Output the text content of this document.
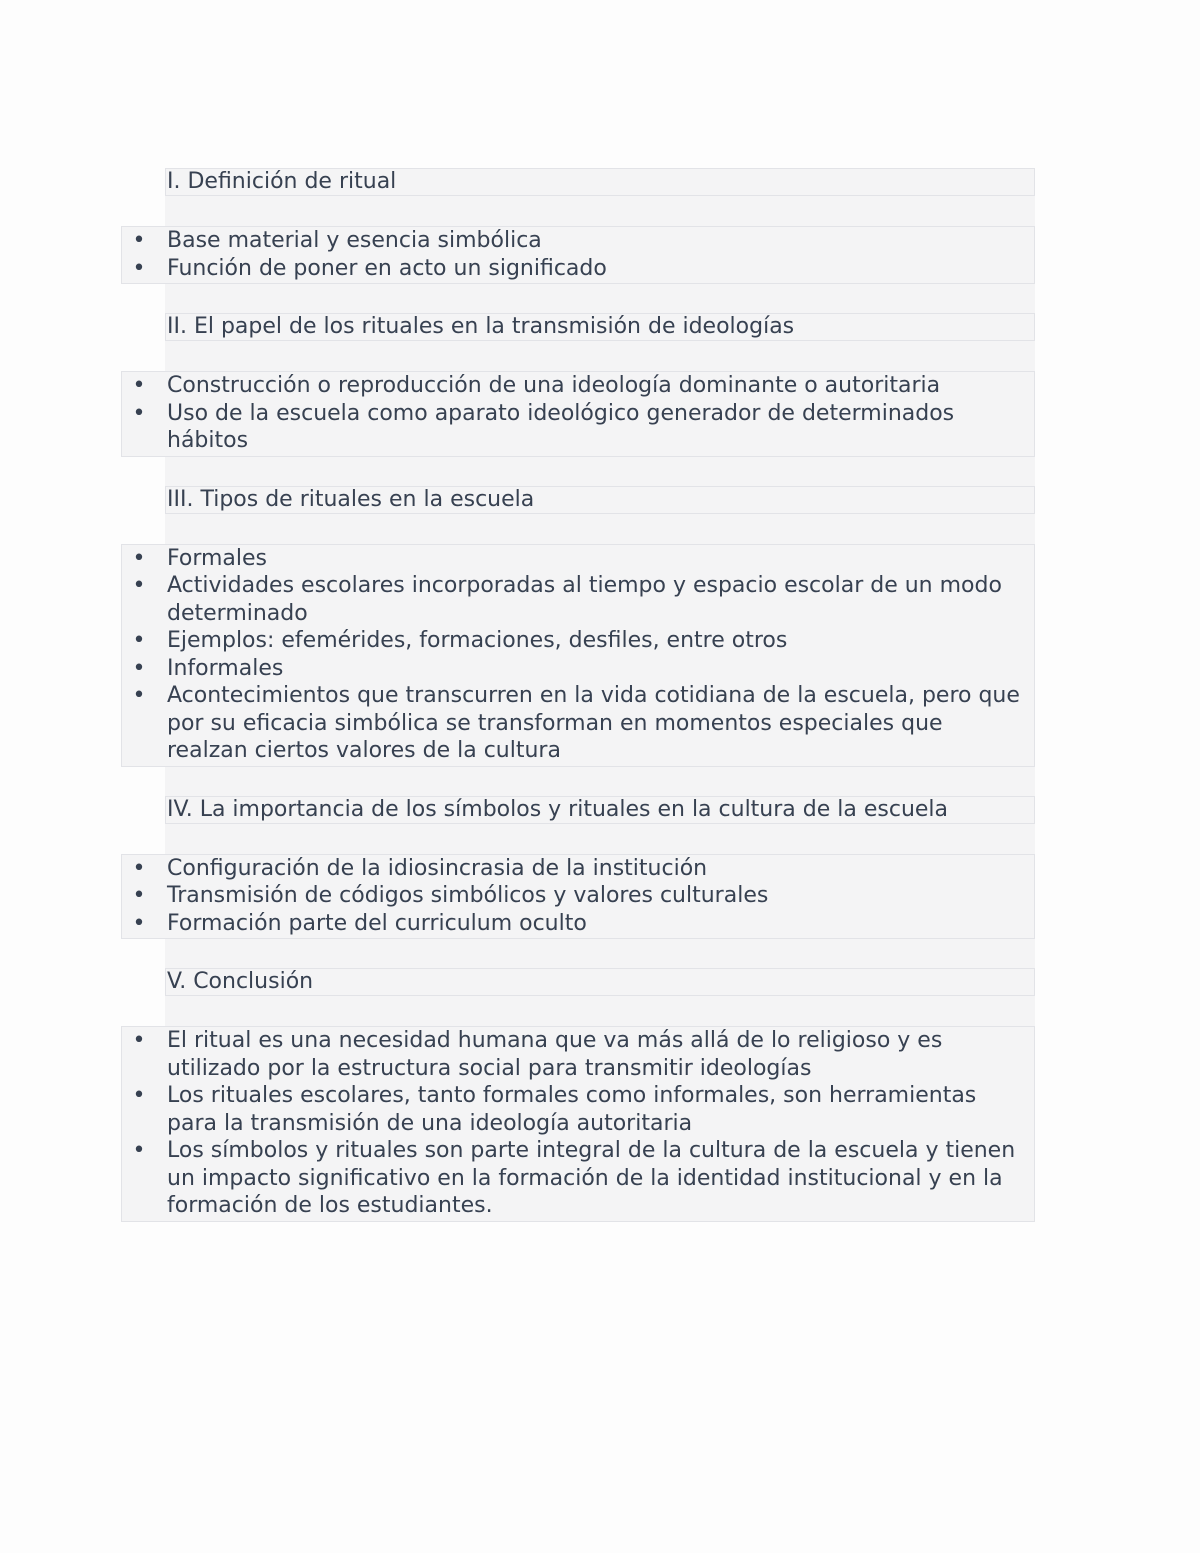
I. Definición de ritual
• Base material y esencia simbólica
• Función de poner en acto un significado
II. El papel de los rituales en la transmisión de ideologías
• Construcción o reproducción de una ideología dominante o autoritaria
• Uso de la escuela como aparato ideológico generador de determinados hábitos
III. Tipos de rituales en la escuela
• Formales
• Actividades escolares incorporadas al tiempo y espacio escolar de un modo determinado
• Ejemplos: efemérides, formaciones, desfiles, entre otros
• Informales
• Acontecimientos que transcurren en la vida cotidiana de la escuela, pero que por su eficacia simbólica se transforman en momentos especiales que realzan ciertos valores de la cultura
IV. La importancia de los símbolos y rituales en la cultura de la escuela
• Configuración de la idiosincrasia de la institución
• Transmisión de códigos simbólicos y valores culturales
• Formación parte del curriculum oculto
V. Conclusión
• El ritual es una necesidad humana que va más allá de lo religioso y es utilizado por la estructura social para transmitir ideologías
• Los rituales escolares, tanto formales como informales, son herramientas para la transmisión de una ideología autoritaria
• Los símbolos y rituales son parte integral de la cultura de la escuela y tienen un impacto significativo en la formación de la identidad institucional y en la formación de los estudiantes.
